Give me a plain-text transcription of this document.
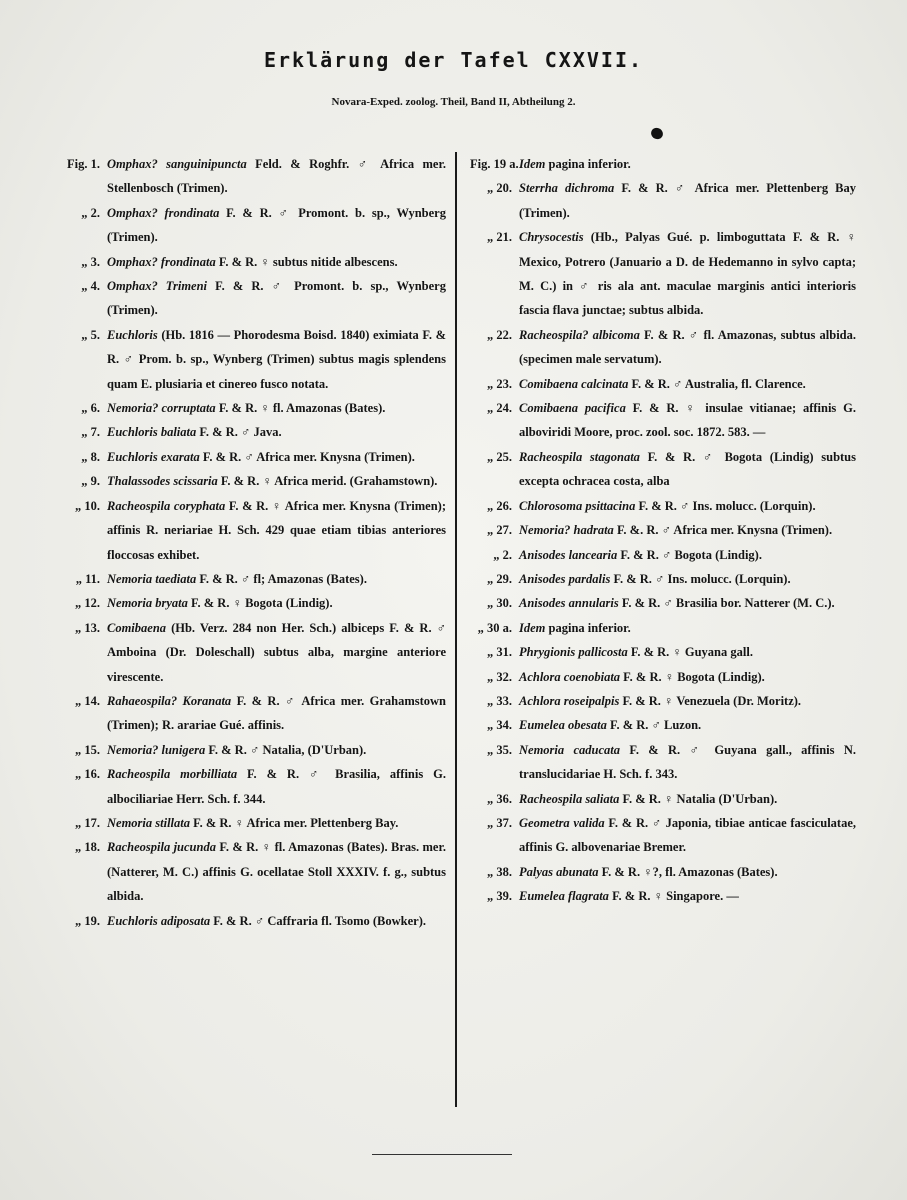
Erklärung der Tafel CXXVII.
Novara-Exped. zoolog. Theil, Band II, Abtheilung 2.
Fig. 1. Omphax? sanguinipuncta Feld. & Roghfr. ♂ Africa mer. Stellenbosch (Trimen).
„ 2. Omphax? frondinata F. & R. ♂ Promont. b. sp., Wynberg (Trimen).
„ 3. Omphax? frondinata F. & R. ♀ subtus nitide albescens.
„ 4. Omphax? Trimeni F. & R. ♂ Promont. b. sp., Wynberg (Trimen).
„ 5. Euchloris (Hb. 1816 — Phorodesma Boisd. 1840) eximiata F. & R. ♂ Prom. b. sp., Wynberg (Trimen) subtus magis splendens quam E. plusiaria et cinereo fusco notata.
„ 6. Nemoria? corruptata F. & R. ♀ fl. Amazonas (Bates).
„ 7. Euchloris baliata F. & R. ♂ Java.
„ 8. Euchloris exarata F. & R. ♂ Africa mer. Knysna (Trimen).
„ 9. Thalassodes scissaria F. & R. ♀ Africa merid. (Grahamstown).
„ 10. Racheospila coryphata F. & R. ♀ Africa mer. Knysna (Trimen); affinis R. neriariae H. Sch. 429 quae etiam tibias anteriores floccosas exhibet.
„ 11. Nemoria taediata F. & R. ♂ fl; Amazonas (Bates).
„ 12. Nemoria bryata F. & R. ♀ Bogota (Lindig).
„ 13. Comibaena (Hb. Verz. 284 non Her. Sch.) albiceps F. & R. ♂ Amboina (Dr. Doleschall) subtus alba, margine anteriore virescente.
„ 14. Rahaeospila? Koranata F. & R. ♂ Africa mer. Grahamstown (Trimen); R. arariae Gué. affinis.
„ 15. Nemoria? lunigera F. & R. ♂ Natalia, (D'Urban).
„ 16. Racheospila morbilliata F. & R. ♂ Brasilia, affinis G. albociliariae Herr. Sch. f. 344.
„ 17. Nemoria stillata F. & R. ♀ Africa mer. Plettenberg Bay.
„ 18. Racheospila jucunda F. & R. ♀ fl. Amazonas (Bates). Bras. mer. (Natterer, M. C.) affinis G. ocellatae Stoll XXXIV. f. g., subtus albida.
„ 19. Euchloris adiposata F. & R. ♂ Caffraria fl. Tsomo (Bowker).
Fig. 19 a. Idem pagina inferior.
„ 20. Sterrha dichroma F. & R. ♂ Africa mer. Plettenberg Bay (Trimen).
„ 21. Chrysocestis (Hb., Palyas Gué. p. limboguttata F. & R. ♀ Mexico, Potrero (Januario a D. de Hedemanno in sylvo capta; M. C.) in ♂ ris ala ant. maculae marginis antici interioris fascia flava junctae; subtus albida.
„ 22. Racheospila? albicoma F. & R. ♂ fl. Amazonas, subtus albida. (specimen male servatum).
„ 23. Comibaena calcinata F. & R. ♂ Australia, fl. Clarence.
„ 24. Comibaena pacifica F. & R. ♀ insulae vitianae; affinis G. alboviridi Moore, proc. zool. soc. 1872. 583. —
„ 25. Racheospila stagonata F. & R. ♂ Bogota (Lindig) subtus excepta ochracea costa, alba
„ 26. Chlorosoma psittacina F. & R. ♂ Ins. molucc. (Lorquin).
„ 27. Nemoria? hadrata F. &. R. ♂ Africa mer. Knysna (Trimen).
„ 2. Anisodes lancearia F. & R. ♂ Bogota (Lindig).
„ 29. Anisodes pardalis F. & R. ♂ Ins. molucc. (Lorquin).
„ 30. Anisodes annularis F. & R. ♂ Brasilia bor. Natterer (M. C.).
„ 30 a. Idem pagina inferior.
„ 31. Phrygionis pallicosta F. & R. ♀ Guyana gall.
„ 32. Achlora coenobiata F. & R. ♀ Bogota (Lindig).
„ 33. Achlora roseipalpis F. & R. ♀ Venezuela (Dr. Moritz).
„ 34. Eumelea obesata F. & R. ♂ Luzon.
„ 35. Nemoria caducata F. & R. ♂ Guyana gall., affinis N. translucidariae H. Sch. f. 343.
„ 36. Racheospila saliata F. & R. ♀ Natalia (D'Urban).
„ 37. Geometra valida F. & R. ♂ Japonia, tibiae anticae fasciculatae, affinis G. albovenariae Bremer.
„ 38. Palyas abunata F. & R. ♀?, fl. Amazonas (Bates).
„ 39. Eumelea flagrata F. & R. ♀ Singapore. —
